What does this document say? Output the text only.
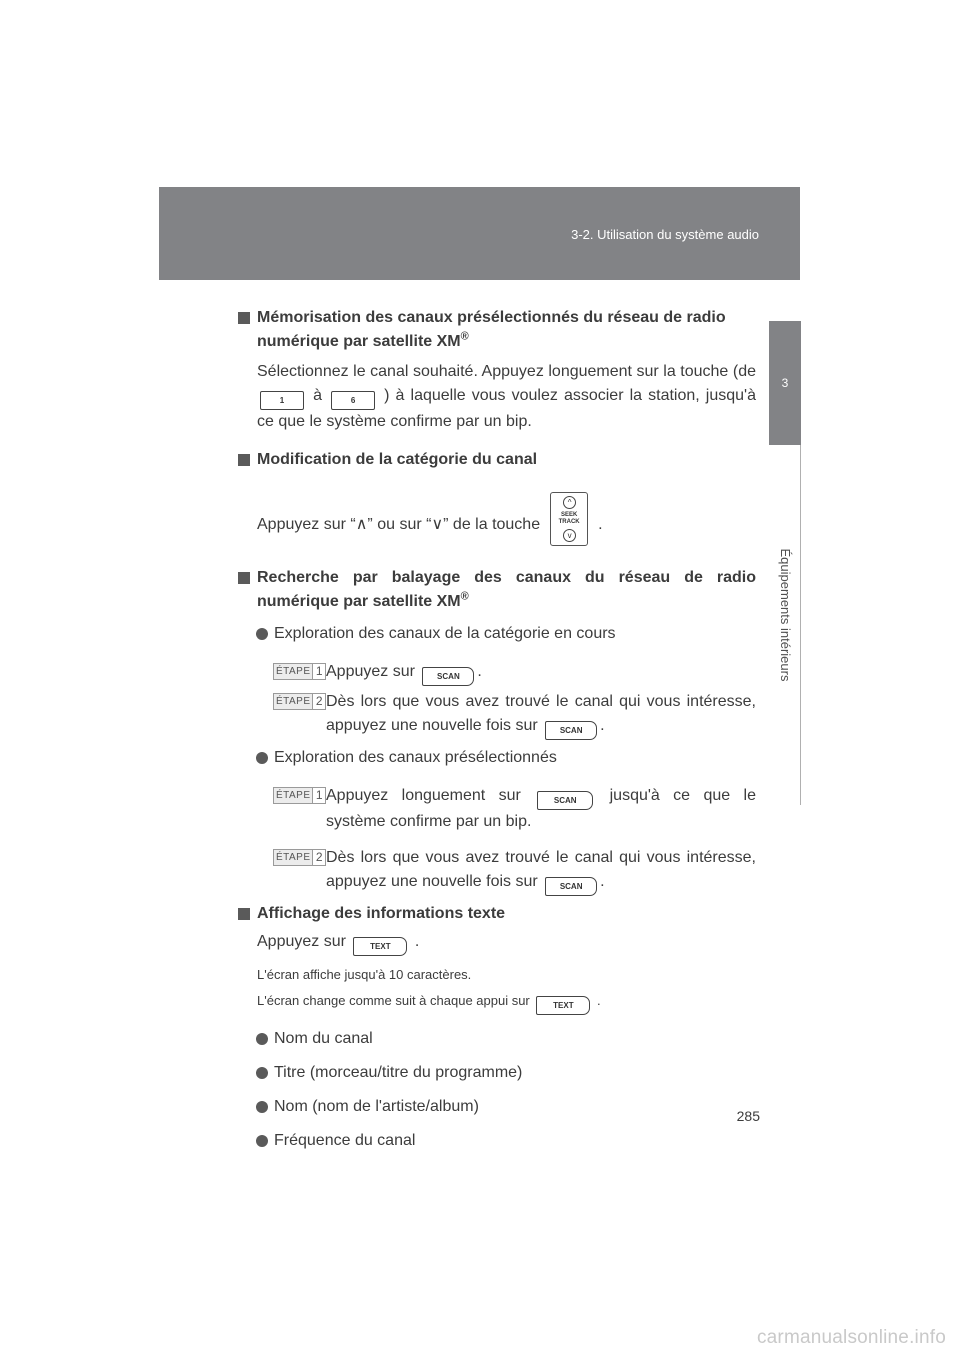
3-2. Utilisation du système audio
3
Équipements intérieurs
Mémorisation des canaux présélectionnés du réseau de radio numérique par satellite XM®

Sélectionnez le canal souhaité. Appuyez longuement sur la touche (de 1 à	6 ) à laquelle vous voulez associer la station, jusqu'à ce que le système confirme par un bip.

Modification de la catégorie du canal

Appuyez sur “∧” ou sur “∨” de la touche
^
SEEK TRACK
v
.

Recherche par balayage des canaux du réseau de radio numérique par satellite XM®
Exploration des canaux de la catégorie en cours
ÉTAPE 1 Appuyez sur	SCAN .
ÉTAPE 2 Dès lors que vous avez trouvé le canal qui vous intéresse, appuyez une nouvelle fois sur	SCAN .
Exploration des canaux présélectionnés
ÉTAPE 1 Appuyez longuement sur	SCAN jusqu'à ce que le système confirme par un bip.
ÉTAPE 2 Dès lors que vous avez trouvé le canal qui vous intéresse, appuyez une nouvelle fois sur	SCAN .
Affichage des informations texte

Appuyez sur	TEXT .

L'écran affiche jusqu'à 10 caractères.

L'écran change comme suit à chaque appui sur	TEXT .

Nom du canal
Titre (morceau/titre du programme)
Nom (nom de l'artiste/album)
Fréquence du canal
285
carmanualsonline.info
